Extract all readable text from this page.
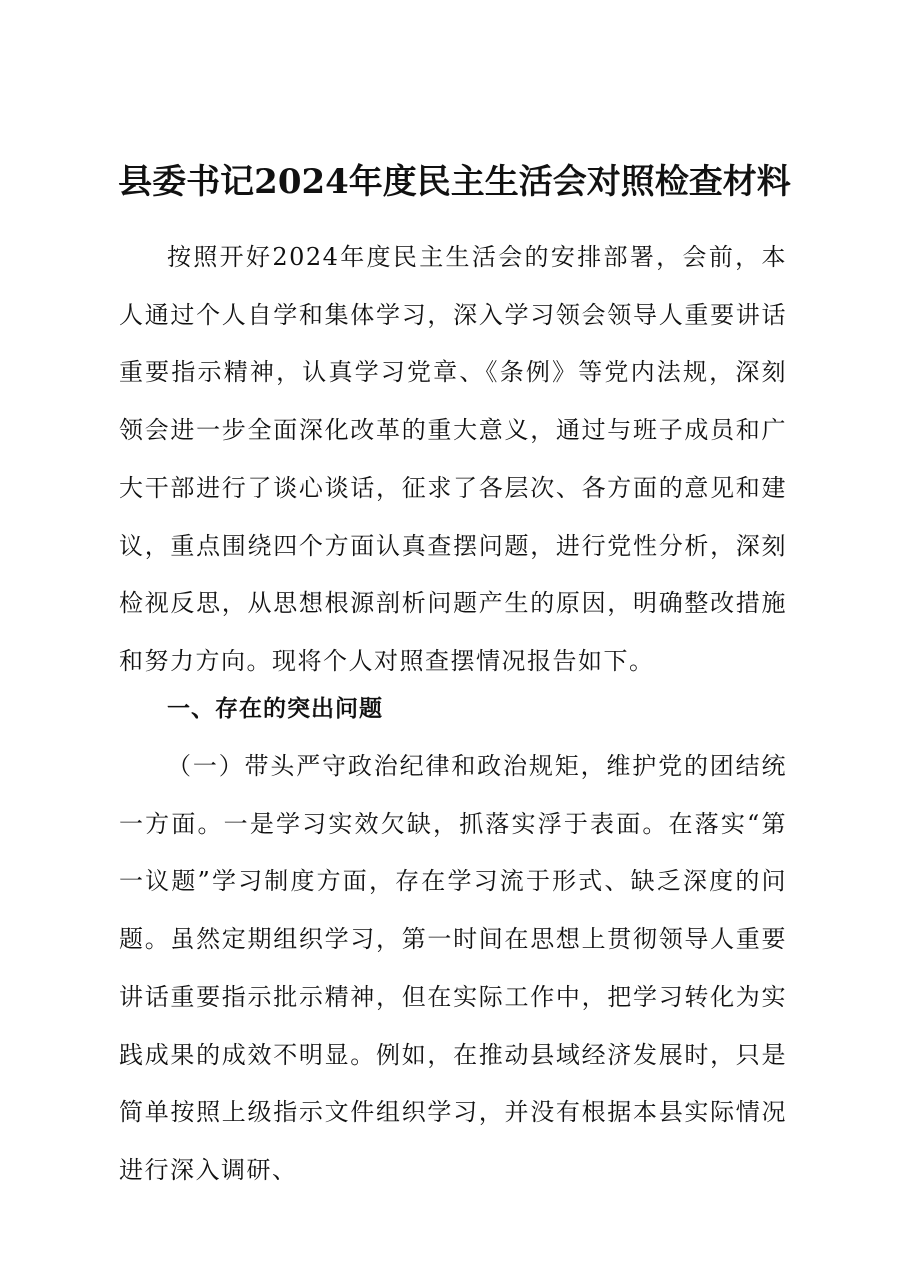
县委书记2024年度民主生活会对照检查材料

按照开好2024年度民主生活会的安排部署，会前，本人通过个人自学和集体学习，深入学习领会领导人重要讲话重要指示精神，认真学习党章、《条例》等党内法规，深刻领会进一步全面深化改革的重大意义，通过与班子成员和广大干部进行了谈心谈话，征求了各层次、各方面的意见和建议，重点围绕四个方面认真查摆问题，进行党性分析，深刻检视反思，从思想根源剖析问题产生的原因，明确整改措施和努力方向。现将个人对照查摆情况报告如下。

一、存在的突出问题

（一）带头严守政治纪律和政治规矩，维护党的团结统一方面。一是学习实效欠缺，抓落实浮于表面。在落实“第一议题”学习制度方面，存在学习流于形式、缺乏深度的问题。虽然定期组织学习，第一时间在思想上贯彻领导人重要讲话重要指示批示精神，但在实际工作中，把学习转化为实践成果的成效不明显。例如，在推动县域经济发展时，只是简单按照上级指示文件组织学习，并没有根据本县实际情况进行深入调研、
